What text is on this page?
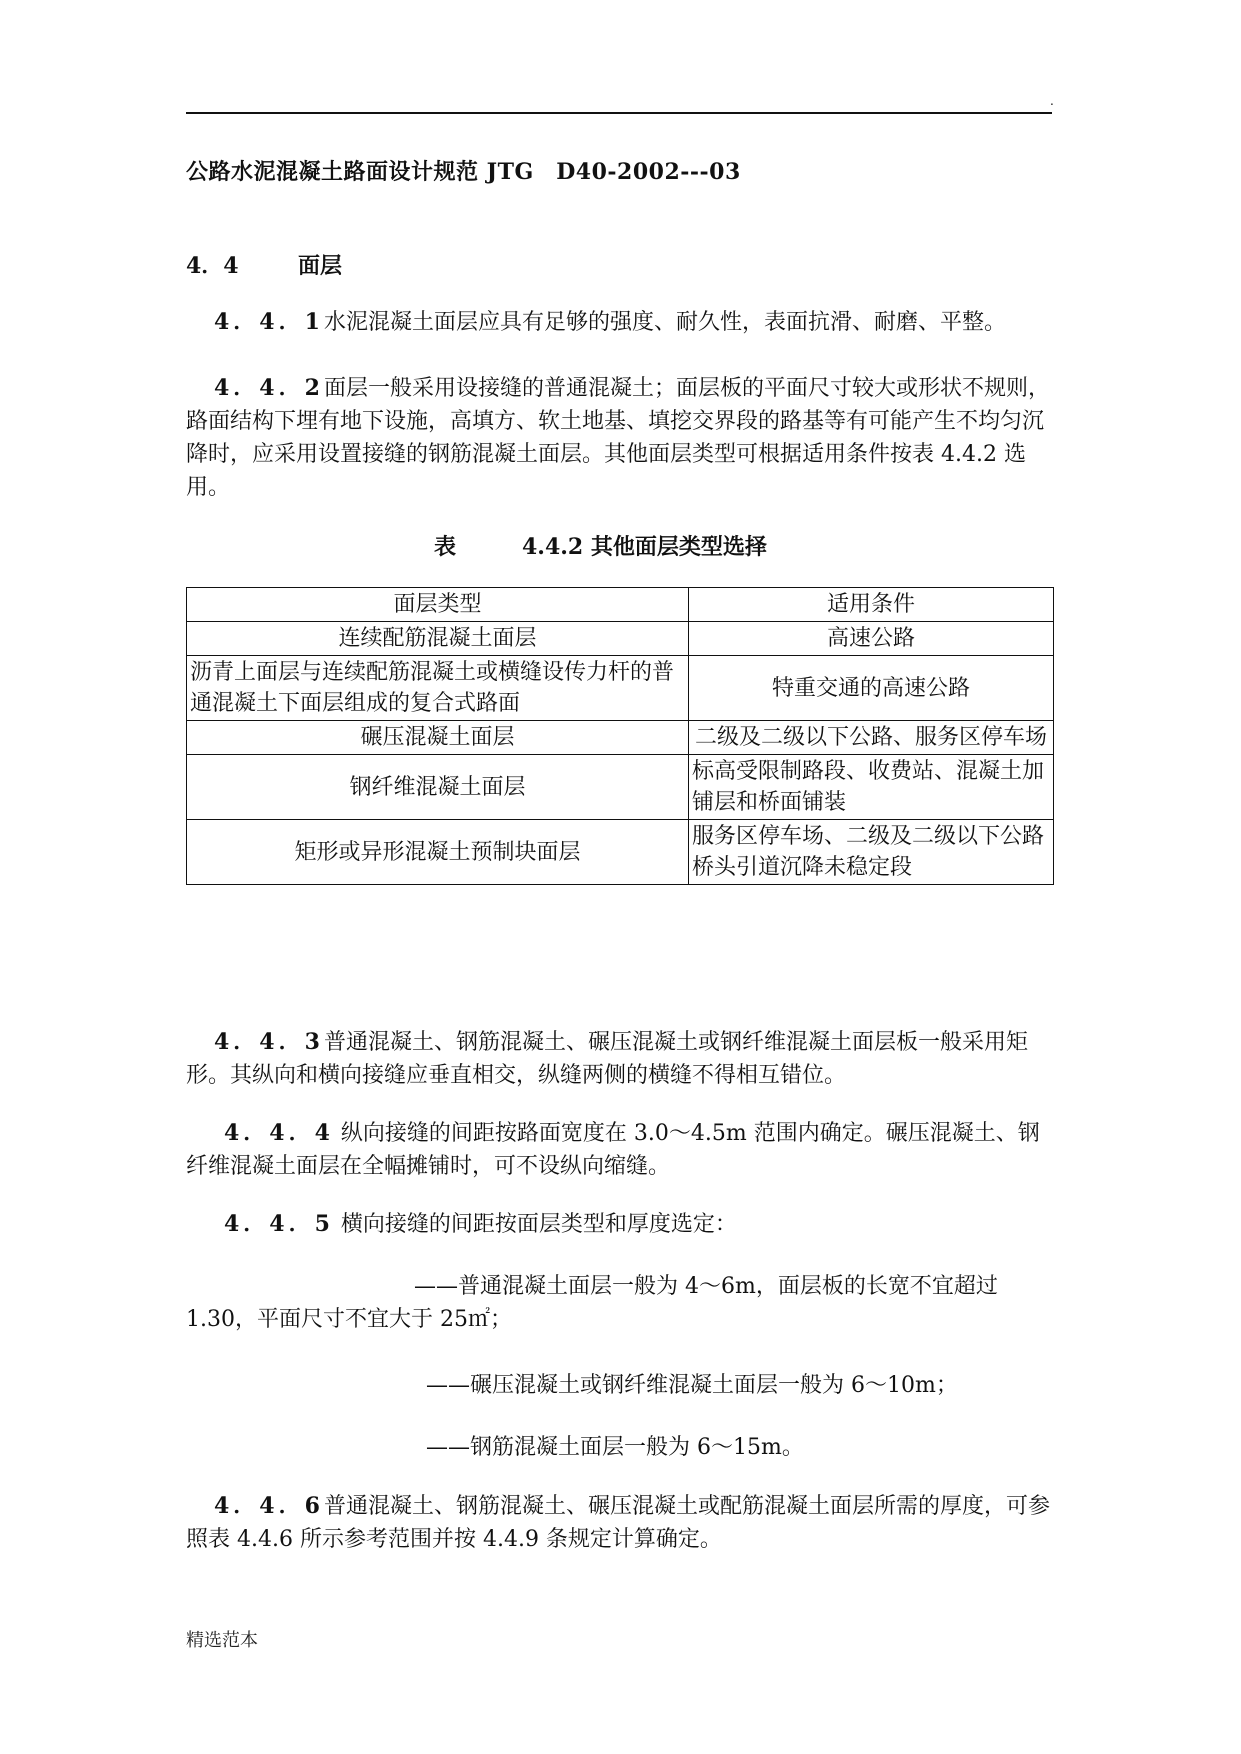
.
公路水泥混凝土路面设计规范 JTG　D40-2002---03
4．4	面层
4．4．1水泥混凝土面层应具有足够的强度、耐久性，表面抗滑、耐磨、平整。
4．4．2面层一般采用设接缝的普通混凝土；面层板的平面尺寸较大或形状不规则，路面结构下埋有地下设施，高填方、软土地基、填挖交界段的路基等有可能产生不均匀沉降时，应采用设置接缝的钢筋混凝土面层。其他面层类型可根据适用条件按表 4.4.2 选用。
表	4.4.2 其他面层类型选择
面层类型	适用条件
连续配筋混凝土面层	高速公路
沥青上面层与连续配筋混凝土或横缝设传力杆的普通混凝土下面层组成的复合式路面	特重交通的高速公路
碾压混凝土面层	二级及二级以下公路、服务区停车场
钢纤维混凝土面层	标高受限制路段、收费站、混凝土加铺层和桥面铺装
矩形或异形混凝土预制块面层	服务区停车场、二级及二级以下公路桥头引道沉降未稳定段
4．4．3普通混凝土、钢筋混凝土、碾压混凝土或钢纤维混凝土面层板一般采用矩形。其纵向和横向接缝应垂直相交，纵缝两侧的横缝不得相互错位。
4．4．4 纵向接缝的间距按路面宽度在 3.0～4.5m 范围内确定。碾压混凝土、钢纤维混凝土面层在全幅摊铺时，可不设纵向缩缝。
4．4．5 横向接缝的间距按面层类型和厚度选定：
——普通混凝土面层一般为 4～6m，面层板的长宽不宜超过
1.30，平面尺寸不宜大于 25㎡；
——碾压混凝土或钢纤维混凝土面层一般为 6～10m；
——钢筋混凝土面层一般为 6～15m。
4．4．6普通混凝土、钢筋混凝土、碾压混凝土或配筋混凝土面层所需的厚度，可参照表 4.4.6 所示参考范围并按 4.4.9 条规定计算确定。
精选范本
